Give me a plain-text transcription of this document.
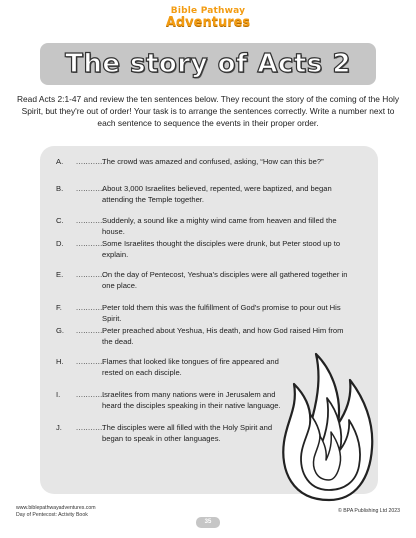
Bible Pathway
Adventures
The story of Acts 2

Read Acts 2:1-47 and review the ten sentences below. They recount the story of the coming of the Holy Spirit, but they're out of order! Your task is to arrange the sentences correctly. Write a number next to each sentence to sequence the events in their proper order.

A. ............
The crowd was amazed and confused, asking, “How can this be?”
B. ............
About 3,000 Israelites believed, repented, were baptized, and began attending the Temple together.
C. ............
Suddenly, a sound like a mighty wind came from heaven and filled the house.
D. ............
Some Israelites thought the disciples were drunk, but Peter stood up to explain.
E. ............
On the day of Pentecost, Yeshua's disciples were all gathered together in one place.
F. ............
Peter told them this was the fulfillment of God's promise to pour out His Spirit.
G. ............
Peter preached about Yeshua, His death, and how God raised Him from the dead.
H. ............
Flames that looked like tongues of fire appeared and rested on each disciple.
I. ............
Israelites from many nations were in Jerusalem and heard the disciples speaking in their native language.
J. ............
The disciples were all filled with the Holy Spirit and began to speak in other languages.
www.biblepathwayadventures.com
Day of Pentecost: Activity Book
35
© BPA Publishing Ltd 2023
